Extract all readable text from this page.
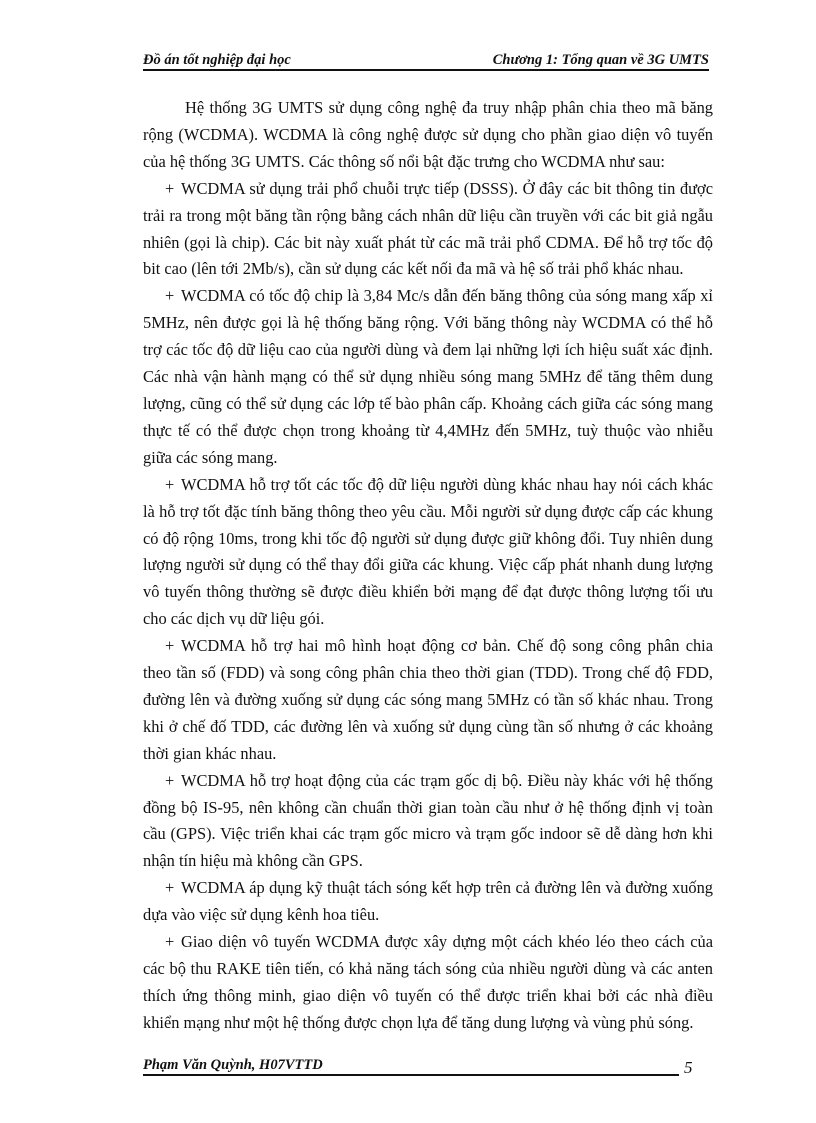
Đồ án tốt nghiệp đại học	Chương 1: Tổng quan về 3G UMTS

Hệ thống 3G UMTS sử dụng công nghệ đa truy nhập phân chia theo mã băng rộng (WCDMA). WCDMA là công nghệ được sử dụng cho phần giao diện vô tuyến của hệ thống 3G UMTS. Các thông số nổi bật đặc trưng cho WCDMA như sau:

+ WCDMA sử dụng trải phổ chuỗi trực tiếp (DSSS). Ở đây các bit thông tin được trải ra trong một băng tần rộng bằng cách nhân dữ liệu cần truyền với các bit giả ngẫu nhiên (gọi là chip). Các bit này xuất phát từ các mã trải phổ CDMA. Để hỗ trợ tốc độ bit cao (lên tới 2Mb/s), cần sử dụng các kết nối đa mã và hệ số trải phổ khác nhau.

+ WCDMA có tốc độ chip là 3,84 Mc/s dẫn đến băng thông của sóng mang xấp xỉ 5MHz, nên được gọi là hệ thống băng rộng. Với băng thông này WCDMA có thể hỗ trợ các tốc độ dữ liệu cao của người dùng và đem lại những lợi ích hiệu suất xác định. Các nhà vận hành mạng có thể sử dụng nhiều sóng mang 5MHz để tăng thêm dung lượng, cũng có thể sử dụng các lớp tế bào phân cấp. Khoảng cách giữa các sóng mang thực tế có thể được chọn trong khoảng từ 4,4MHz đến 5MHz, tuỳ thuộc vào nhiễu giữa các sóng mang.

+ WCDMA hỗ trợ tốt các tốc độ dữ liệu người dùng khác nhau hay nói cách khác là hỗ trợ tốt đặc tính băng thông theo yêu cầu. Mỗi người sử dụng được cấp các khung có độ rộng 10ms, trong khi tốc độ người sử dụng được giữ không đổi. Tuy nhiên dung lượng người sử dụng có thể thay đổi giữa các khung. Việc cấp phát nhanh dung lượng vô tuyến thông thường sẽ được điều khiển bởi mạng để đạt được thông lượng tối ưu cho các dịch vụ dữ liệu gói.

+ WCDMA hỗ trợ hai mô hình hoạt động cơ bản. Chế độ song công phân chia theo tần số (FDD) và song công phân chia theo thời gian (TDD). Trong chế độ FDD, đường lên và đường xuống sử dụng các sóng mang 5MHz có tần số khác nhau. Trong khi ở chế đố TDD, các đường lên và xuống sử dụng cùng tần số nhưng ở các khoảng thời gian khác nhau.

+ WCDMA hỗ trợ hoạt động của các trạm gốc dị bộ. Điều này khác với hệ thống đồng bộ IS-95, nên không cần chuẩn thời gian toàn cầu như ở hệ thống định vị toàn cầu (GPS). Việc triển khai các trạm gốc micro và trạm gốc indoor sẽ dễ dàng hơn khi nhận tín hiệu mà không cần GPS.

+ WCDMA áp dụng kỹ thuật tách sóng kết hợp trên cả đường lên và đường xuống dựa vào việc sử dụng kênh hoa tiêu.

+ Giao diện vô tuyến WCDMA được xây dựng một cách khéo léo theo cách của các bộ thu RAKE tiên tiến, có khả năng tách sóng của nhiều người dùng và các anten thích ứng thông minh, giao diện vô tuyến có thể được triển khai bởi các nhà điều khiển mạng như một hệ thống được chọn lựa để tăng dung lượng và vùng phủ sóng.

Phạm Văn Quỳnh, H07VTTD	5
